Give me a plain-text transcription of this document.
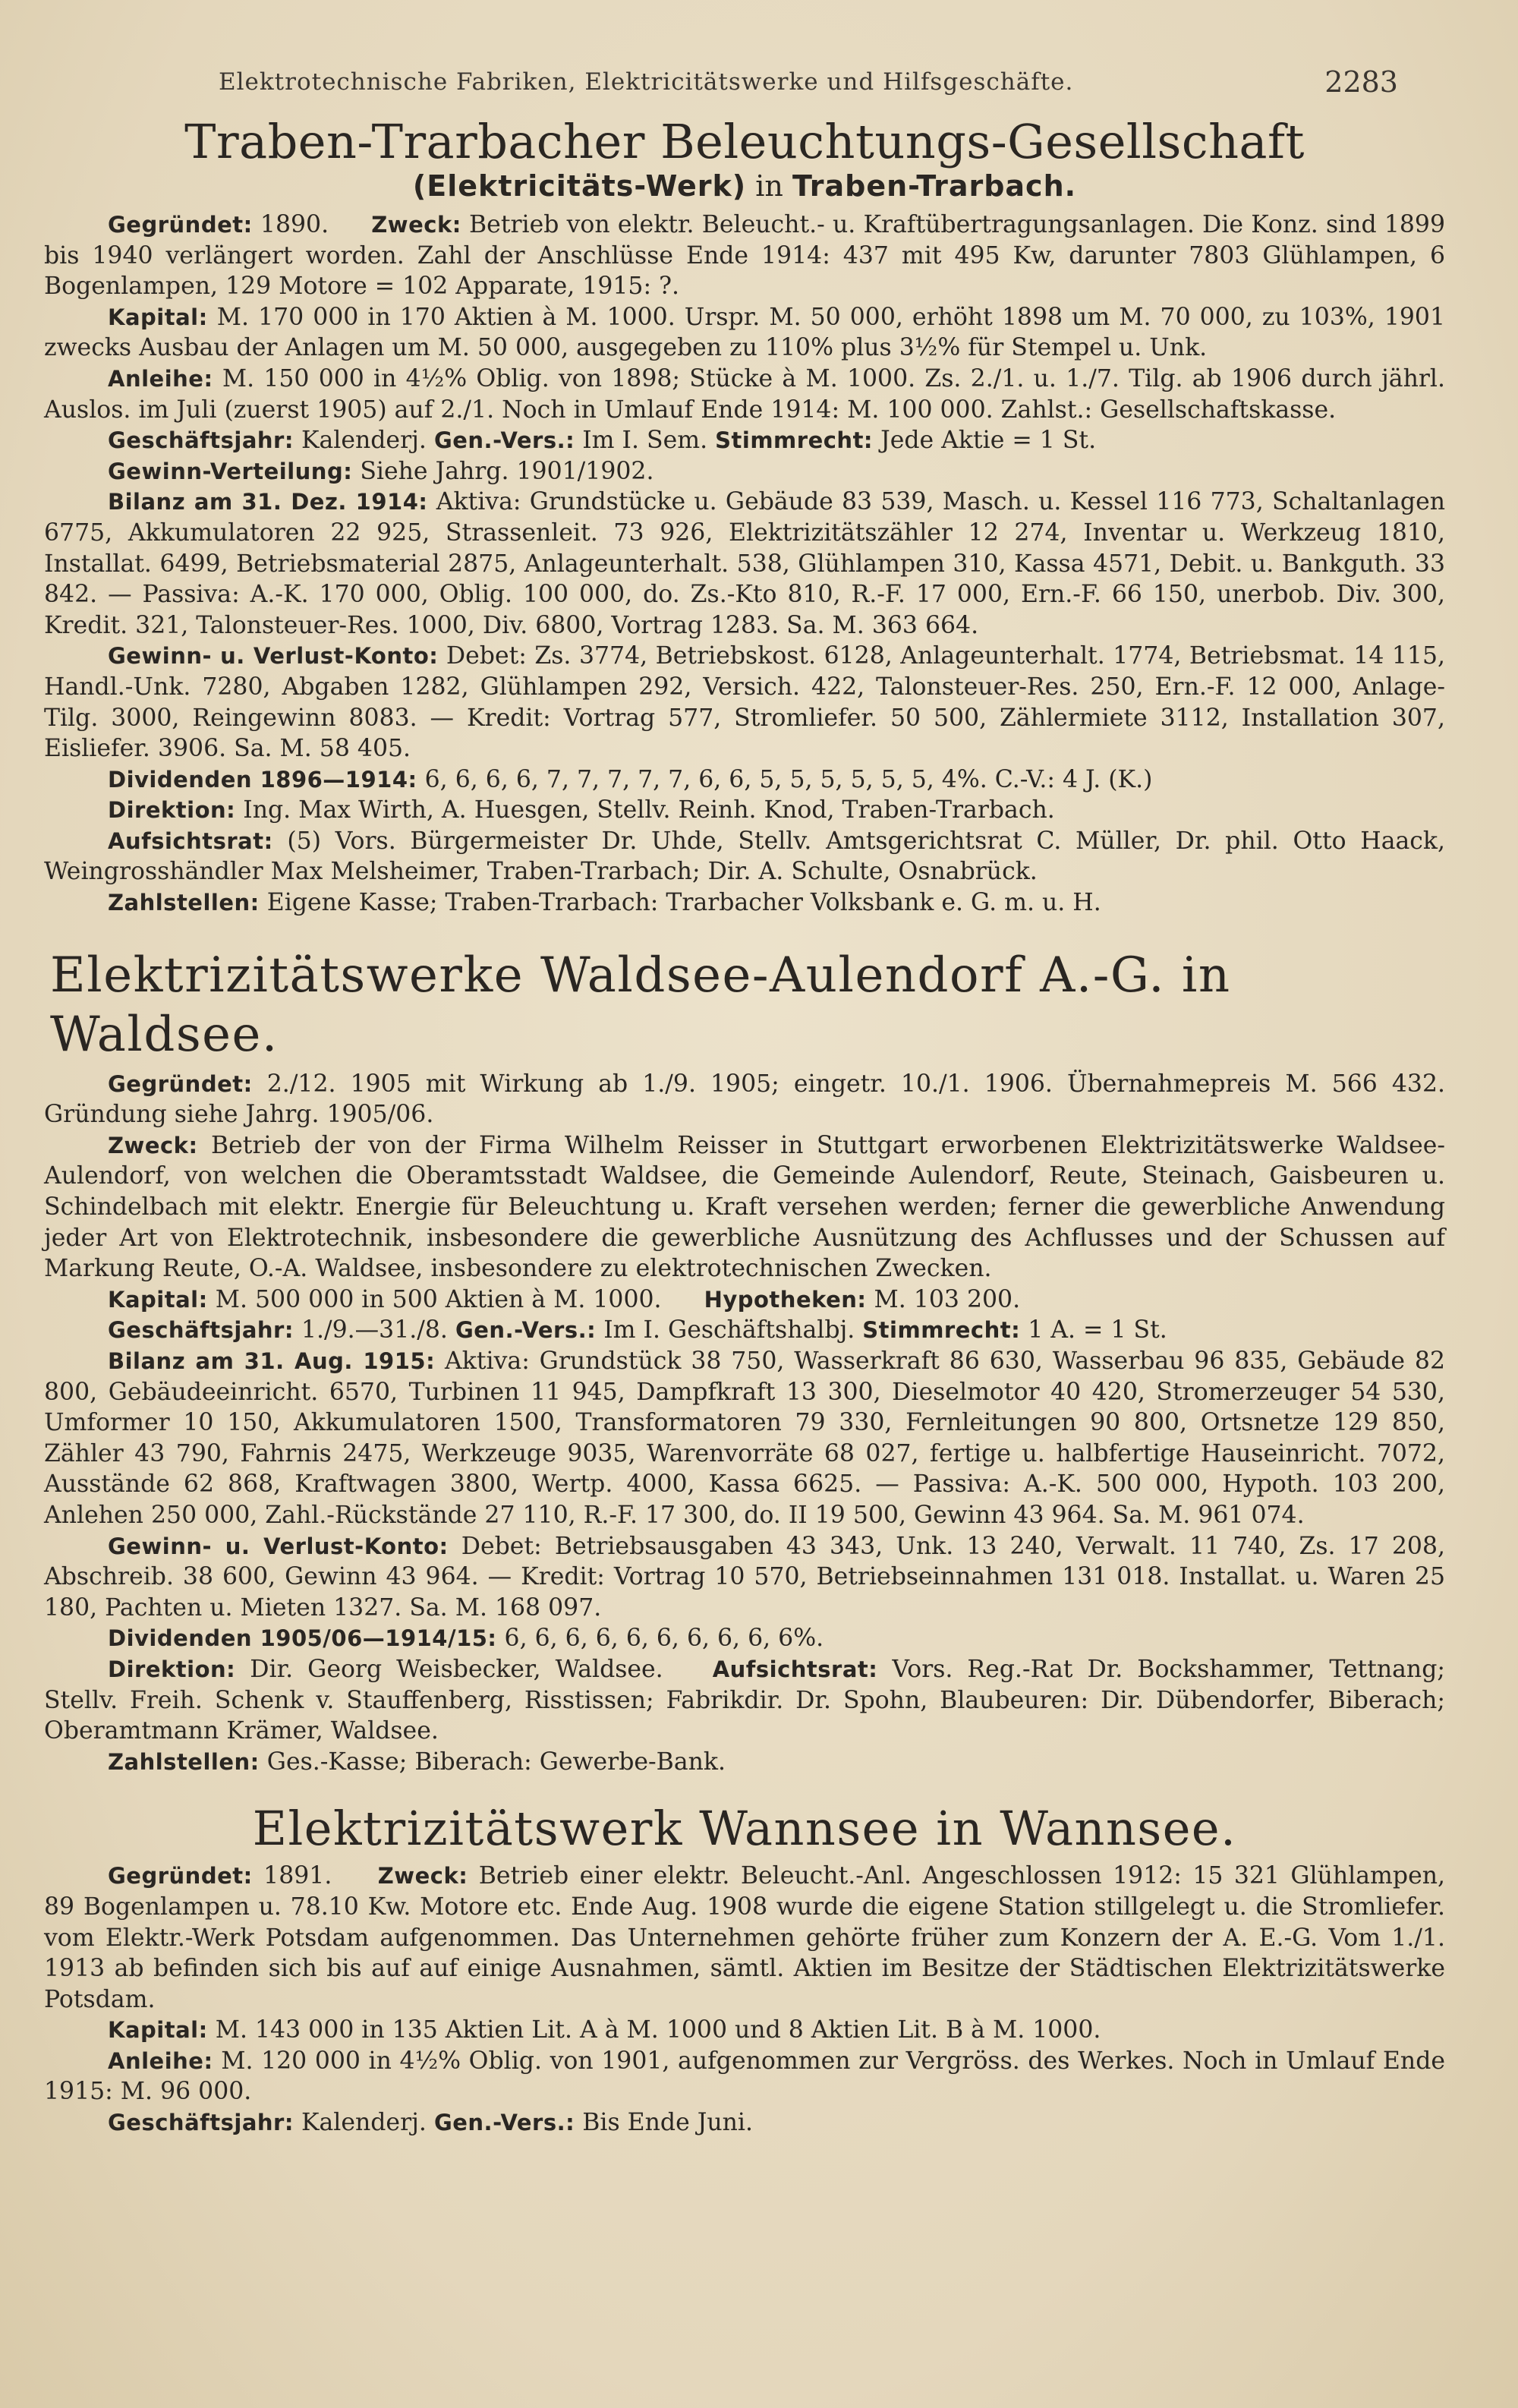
Elektrotechnische Fabriken, Elektricitätswerke und Hilfsgeschäfte.	2283
Traben-Trarbacher Beleuchtungs-Gesellschaft
(Elektricitäts-Werk) in Traben-Trarbach.

Gegründet: 1890. Zweck: Betrieb von elektr. Beleucht.- u. Kraftübertragungsanlagen. Die Konz. sind 1899 bis 1940 verlängert worden. Zahl der Anschlüsse Ende 1914: 437 mit 495 Kw, darunter 7803 Glühlampen, 6 Bogenlampen, 129 Motore = 102 Apparate, 1915: ?.

Kapital: M. 170 000 in 170 Aktien à M. 1000. Urspr. M. 50 000, erhöht 1898 um M. 70 000, zu 103%, 1901 zwecks Ausbau der Anlagen um M. 50 000, ausgegeben zu 110% plus 3½% für Stempel u. Unk.

Anleihe: M. 150 000 in 4½% Oblig. von 1898; Stücke à M. 1000. Zs. 2./1. u. 1./7. Tilg. ab 1906 durch jährl. Auslos. im Juli (zuerst 1905) auf 2./1. Noch in Umlauf Ende 1914: M. 100 000. Zahlst.: Gesellschaftskasse.

Geschäftsjahr: Kalenderj. Gen.-Vers.: Im I. Sem. Stimmrecht: Jede Aktie = 1 St.

Gewinn-Verteilung: Siehe Jahrg. 1901/1902.

Bilanz am 31. Dez. 1914: Aktiva: Grundstücke u. Gebäude 83 539, Masch. u. Kessel 116 773, Schaltanlagen 6775, Akkumulatoren 22 925, Strassenleit. 73 926, Elektrizitätszähler 12 274, Inventar u. Werkzeug 1810, Installat. 6499, Betriebsmaterial 2875, Anlageunterhalt. 538, Glühlampen 310, Kassa 4571, Debit. u. Bankguth. 33 842. — Passiva: A.-K. 170 000, Oblig. 100 000, do. Zs.-Kto 810, R.-F. 17 000, Ern.-F. 66 150, unerbob. Div. 300, Kredit. 321, Talonsteuer-Res. 1000, Div. 6800, Vortrag 1283. Sa. M. 363 664.

Gewinn- u. Verlust-Konto: Debet: Zs. 3774, Betriebskost. 6128, Anlageunterhalt. 1774, Betriebsmat. 14 115, Handl.-Unk. 7280, Abgaben 1282, Glühlampen 292, Versich. 422, Talonsteuer-Res. 250, Ern.-F. 12 000, Anlage-Tilg. 3000, Reingewinn 8083. — Kredit: Vortrag 577, Stromliefer. 50 500, Zählermiete 3112, Installation 307, Eisliefer. 3906. Sa. M. 58 405.

Dividenden 1896—1914: 6, 6, 6, 6, 7, 7, 7, 7, 7, 6, 6, 5, 5, 5, 5, 5, 5, 4%. C.-V.: 4 J. (K.)

Direktion: Ing. Max Wirth, A. Huesgen, Stellv. Reinh. Knod, Traben-Trarbach.

Aufsichtsrat: (5) Vors. Bürgermeister Dr. Uhde, Stellv. Amtsgerichtsrat C. Müller, Dr. phil. Otto Haack, Weingrosshändler Max Melsheimer, Traben-Trarbach; Dir. A. Schulte, Osnabrück.

Zahlstellen: Eigene Kasse; Traben-Trarbach: Trarbacher Volksbank e. G. m. u. H.

Elektrizitätswerke Waldsee-Aulendorf A.-G. in Waldsee.

Gegründet: 2./12. 1905 mit Wirkung ab 1./9. 1905; eingetr. 10./1. 1906. Übernahmepreis M. 566 432. Gründung siehe Jahrg. 1905/06.

Zweck: Betrieb der von der Firma Wilhelm Reisser in Stuttgart erworbenen Elektrizitätswerke Waldsee-Aulendorf, von welchen die Oberamtsstadt Waldsee, die Gemeinde Aulendorf, Reute, Steinach, Gaisbeuren u. Schindelbach mit elektr. Energie für Beleuchtung u. Kraft versehen werden; ferner die gewerbliche Anwendung jeder Art von Elektrotechnik, insbesondere die gewerbliche Ausnützung des Achflusses und der Schussen auf Markung Reute, O.-A. Waldsee, insbesondere zu elektrotechnischen Zwecken.

Kapital: M. 500 000 in 500 Aktien à M. 1000. Hypotheken: M. 103 200.

Geschäftsjahr: 1./9.—31./8. Gen.-Vers.: Im I. Geschäftshalbj. Stimmrecht: 1 A. = 1 St.

Bilanz am 31. Aug. 1915: Aktiva: Grundstück 38 750, Wasserkraft 86 630, Wasserbau 96 835, Gebäude 82 800, Gebäudeeinricht. 6570, Turbinen 11 945, Dampfkraft 13 300, Dieselmotor 40 420, Stromerzeuger 54 530, Umformer 10 150, Akkumulatoren 1500, Transformatoren 79 330, Fernleitungen 90 800, Ortsnetze 129 850, Zähler 43 790, Fahrnis 2475, Werkzeuge 9035, Warenvorräte 68 027, fertige u. halbfertige Hauseinricht. 7072, Ausstände 62 868, Kraftwagen 3800, Wertp. 4000, Kassa 6625. — Passiva: A.-K. 500 000, Hypoth. 103 200, Anlehen 250 000, Zahl.-Rückstände 27 110, R.-F. 17 300, do. II 19 500, Gewinn 43 964. Sa. M. 961 074.

Gewinn- u. Verlust-Konto: Debet: Betriebsausgaben 43 343, Unk. 13 240, Verwalt. 11 740, Zs. 17 208, Abschreib. 38 600, Gewinn 43 964. — Kredit: Vortrag 10 570, Betriebseinnahmen 131 018. Installat. u. Waren 25 180, Pachten u. Mieten 1327. Sa. M. 168 097.

Dividenden 1905/06—1914/15: 6, 6, 6, 6, 6, 6, 6, 6, 6, 6%.

Direktion: Dir. Georg Weisbecker, Waldsee. Aufsichtsrat: Vors. Reg.-Rat Dr. Bockshammer, Tettnang; Stellv. Freih. Schenk v. Stauffenberg, Risstissen; Fabrikdir. Dr. Spohn, Blaubeuren: Dir. Dübendorfer, Biberach; Oberamtmann Krämer, Waldsee.

Zahlstellen: Ges.-Kasse; Biberach: Gewerbe-Bank.

Elektrizitätswerk Wannsee in Wannsee.

Gegründet: 1891. Zweck: Betrieb einer elektr. Beleucht.-Anl. Angeschlossen 1912: 15 321 Glühlampen, 89 Bogenlampen u. 78.10 Kw. Motore etc. Ende Aug. 1908 wurde die eigene Station stillgelegt u. die Stromliefer. vom Elektr.-Werk Potsdam aufgenommen. Das Unternehmen gehörte früher zum Konzern der A. E.-G. Vom 1./1. 1913 ab befinden sich bis auf auf einige Ausnahmen, sämtl. Aktien im Besitze der Städtischen Elektrizitätswerke Potsdam.

Kapital: M. 143 000 in 135 Aktien Lit. A à M. 1000 und 8 Aktien Lit. B à M. 1000.

Anleihe: M. 120 000 in 4½% Oblig. von 1901, aufgenommen zur Vergröss. des Werkes. Noch in Umlauf Ende 1915: M. 96 000.

Geschäftsjahr: Kalenderj. Gen.-Vers.: Bis Ende Juni.
